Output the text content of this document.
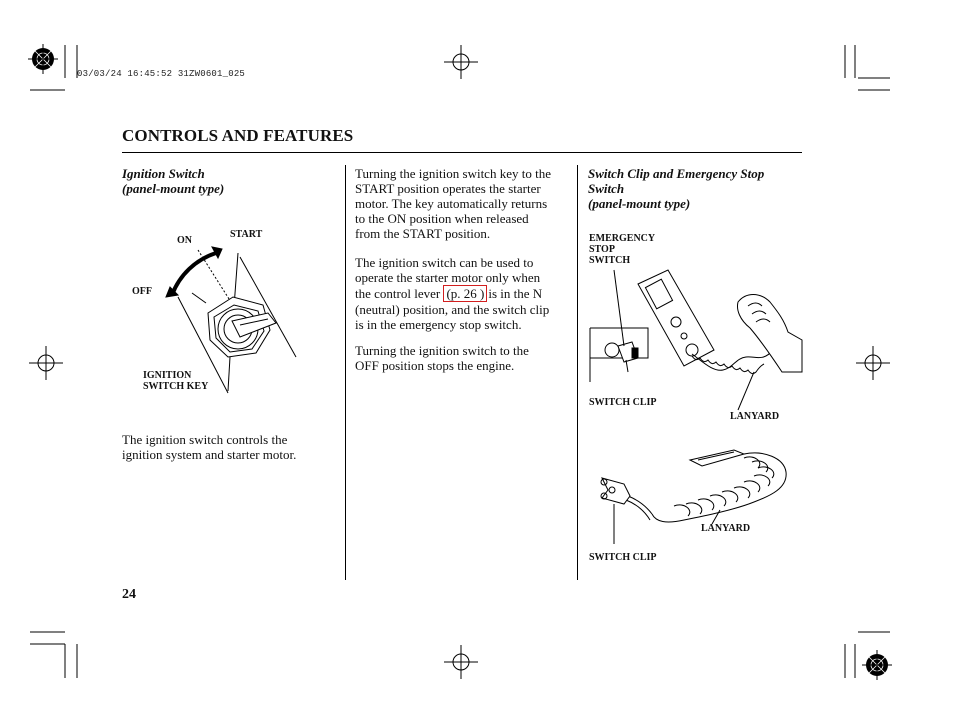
03/03/24 16:45:52 31ZW0601_025
CONTROLS AND FEATURES
Ignition Switch
(panel-mount type)
ON
START
OFF
IGNITION
SWITCH KEY
The ignition switch controls the
ignition system and starter motor.
Turning the ignition switch key to the
START position operates the starter
motor. The key automatically returns
to the ON position when released
from the START position.
The ignition switch can be used to
operate the starter motor only when
the control lever (p. 26 ) is in the N
(neutral) position, and the switch clip
is in the emergency stop switch.
Turning the ignition switch to the
OFF position stops the engine.
Switch Clip and Emergency Stop
Switch
(panel-mount type)
EMERGENCY
STOP
SWITCH
SWITCH CLIP
LANYARD
LANYARD
SWITCH CLIP
24
